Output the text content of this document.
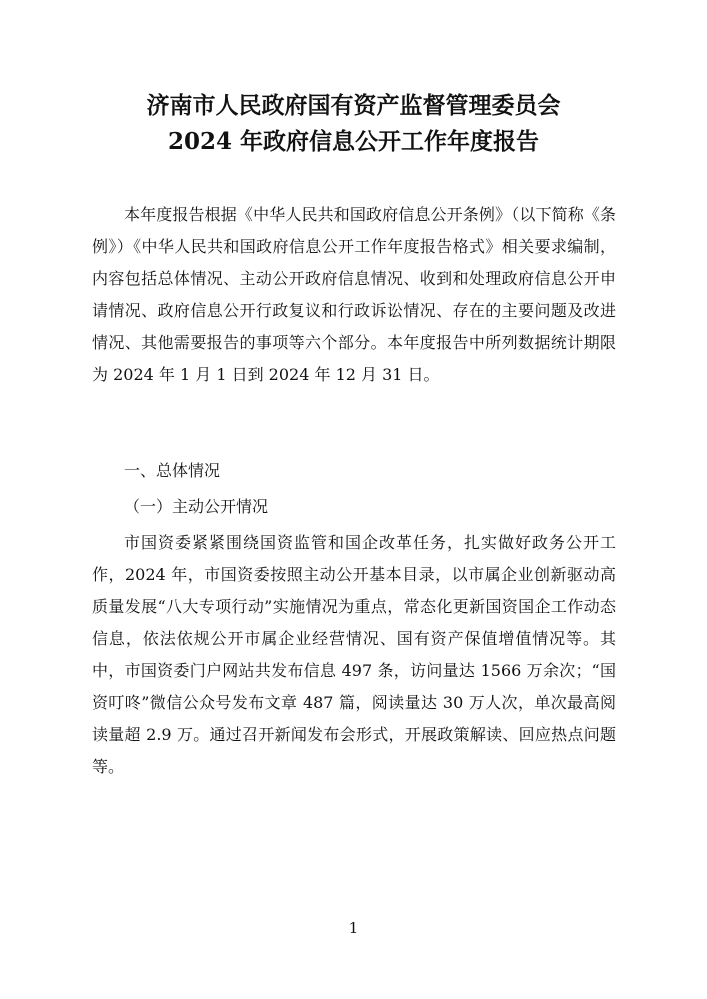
济南市人民政府国有资产监督管理委员会
2024 年政府信息公开工作年度报告

本年度报告根据《中华人民共和国政府信息公开条例》（以下简称《条例》）《中华人民共和国政府信息公开工作年度报告格式》相关要求编制，内容包括总体情况、主动公开政府信息情况、收到和处理政府信息公开申请情况、政府信息公开行政复议和行政诉讼情况、存在的主要问题及改进情况、其他需要报告的事项等六个部分。本年度报告中所列数据统计期限为 2024 年 1 月 1 日到 2024 年 12 月 31 日。

一、总体情况

（一）主动公开情况

市国资委紧紧围绕国资监管和国企改革任务，扎实做好政务公开工作，2024 年，市国资委按照主动公开基本目录，以市属企业创新驱动高质量发展“八大专项行动”实施情况为重点，常态化更新国资国企工作动态信息，依法依规公开市属企业经营情况、国有资产保值增值情况等。其中，市国资委门户网站共发布信息 497 条，访问量达 1566 万余次；“国资叮咚”微信公众号发布文章 487 篇，阅读量达 30 万人次，单次最高阅读量超 2.9 万。通过召开新闻发布会形式，开展政策解读、回应热点问题等。

1
